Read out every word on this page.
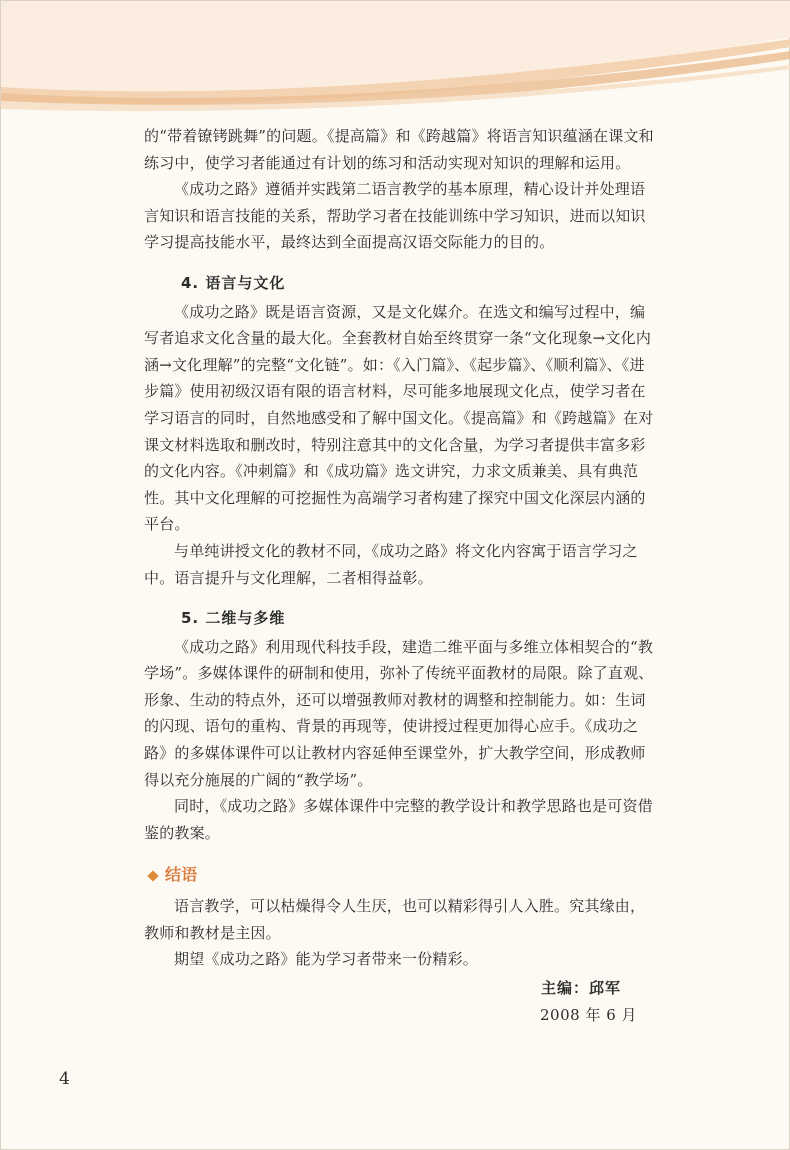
的“带着镣铐跳舞”的问题。《提高篇》和《跨越篇》将语言知识蕴涵在课文和练习中，使学习者能通过有计划的练习和活动实现对知识的理解和运用。

《成功之路》遵循并实践第二语言教学的基本原理，精心设计并处理语言知识和语言技能的关系，帮助学习者在技能训练中学习知识，进而以知识学习提高技能水平，最终达到全面提高汉语交际能力的目的。

4. 语言与文化

《成功之路》既是语言资源，又是文化媒介。在选文和编写过程中，编写者追求文化含量的最大化。全套教材自始至终贯穿一条“文化现象→文化内涵→文化理解”的完整“文化链”。如：《入门篇》、《起步篇》、《顺利篇》、《进步篇》使用初级汉语有限的语言材料，尽可能多地展现文化点，使学习者在学习语言的同时，自然地感受和了解中国文化。《提高篇》和《跨越篇》在对课文材料选取和删改时，特别注意其中的文化含量，为学习者提供丰富多彩的文化内容。《冲刺篇》和《成功篇》选文讲究，力求文质兼美、具有典范性。其中文化理解的可挖掘性为高端学习者构建了探究中国文化深层内涵的平台。

与单纯讲授文化的教材不同，《成功之路》将文化内容寓于语言学习之中。语言提升与文化理解，二者相得益彰。

5. 二维与多维

《成功之路》利用现代科技手段，建造二维平面与多维立体相契合的“教学场”。多媒体课件的研制和使用，弥补了传统平面教材的局限。除了直观、形象、生动的特点外，还可以增强教师对教材的调整和控制能力。如：生词的闪现、语句的重构、背景的再现等，使讲授过程更加得心应手。《成功之路》的多媒体课件可以让教材内容延伸至课堂外，扩大教学空间，形成教师得以充分施展的广阔的“教学场”。

同时，《成功之路》多媒体课件中完整的教学设计和教学思路也是可资借鉴的教案。

结语

语言教学，可以枯燥得令人生厌，也可以精彩得引人入胜。究其缘由，教师和教材是主因。

期望《成功之路》能为学习者带来一份精彩。

主编：邱军
2008 年 6 月
4
